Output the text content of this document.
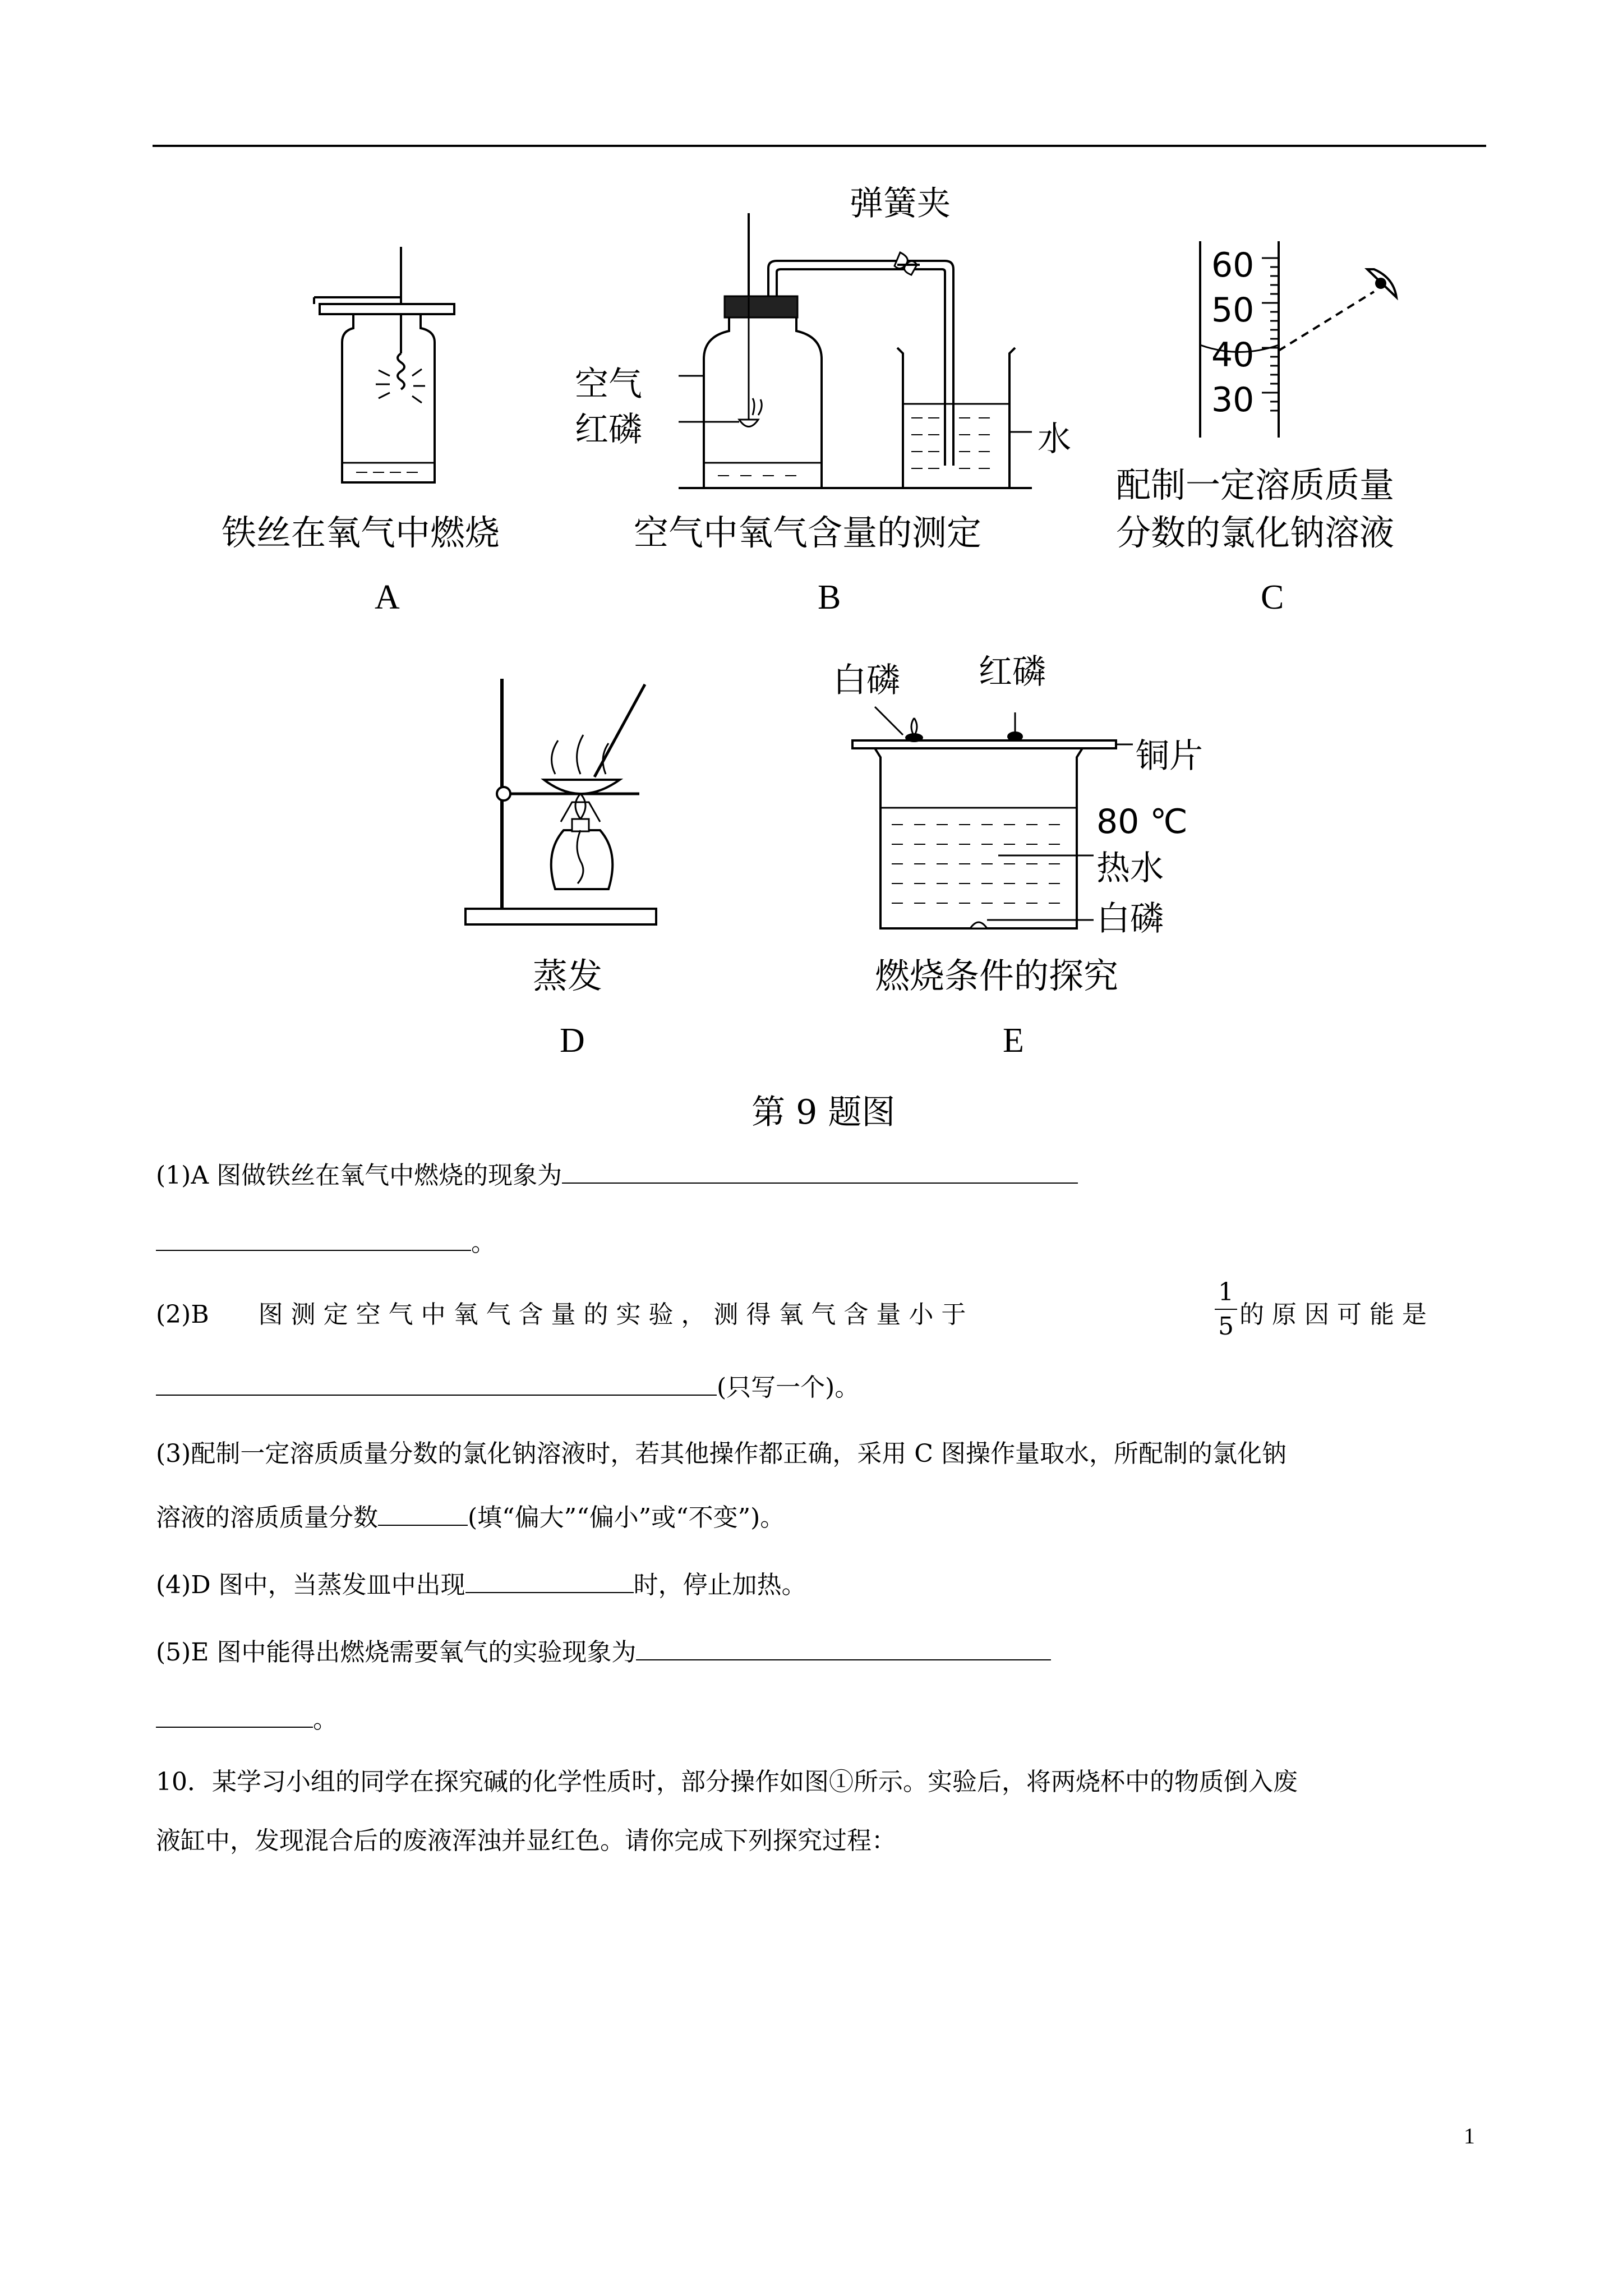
铁丝在氧气中燃烧
A
弹簧夹
空气
红磷	水
空气中氧气含量的测定
B
60
50
40
30
配制一定溶质质量
分数的氯化钠溶液
C
蒸发
D
白磷 红磷
铜片
80 ℃
热水
白磷
燃烧条件的探究
E
第 9 题图
(1)A 图做铁丝在氧气中燃烧的现象为
。
(2)B　　图 测 定 空 气 中 氧 气 含 量 的 实 验 ， 测 得 氧 气 含 量 小 于
1
5 的 原 因 可 能 是
(只写一个)。
(3)配制一定溶质质量分数的氯化钠溶液时，若其他操作都正确，采用 C 图操作量取水，所配制的氯化钠
溶液的溶质质量分数	(填“偏大”“偏小”或“不变”)。
(4)D 图中，当蒸发皿中出现	时，停止加热。
(5)E 图中能得出燃烧需要氧气的实验现象为
。
10．某学习小组的同学在探究碱的化学性质时，部分操作如图①所示。实验后，将两烧杯中的物质倒入废
液缸中，发现混合后的废液浑浊并显红色。请你完成下列探究过程：
1
